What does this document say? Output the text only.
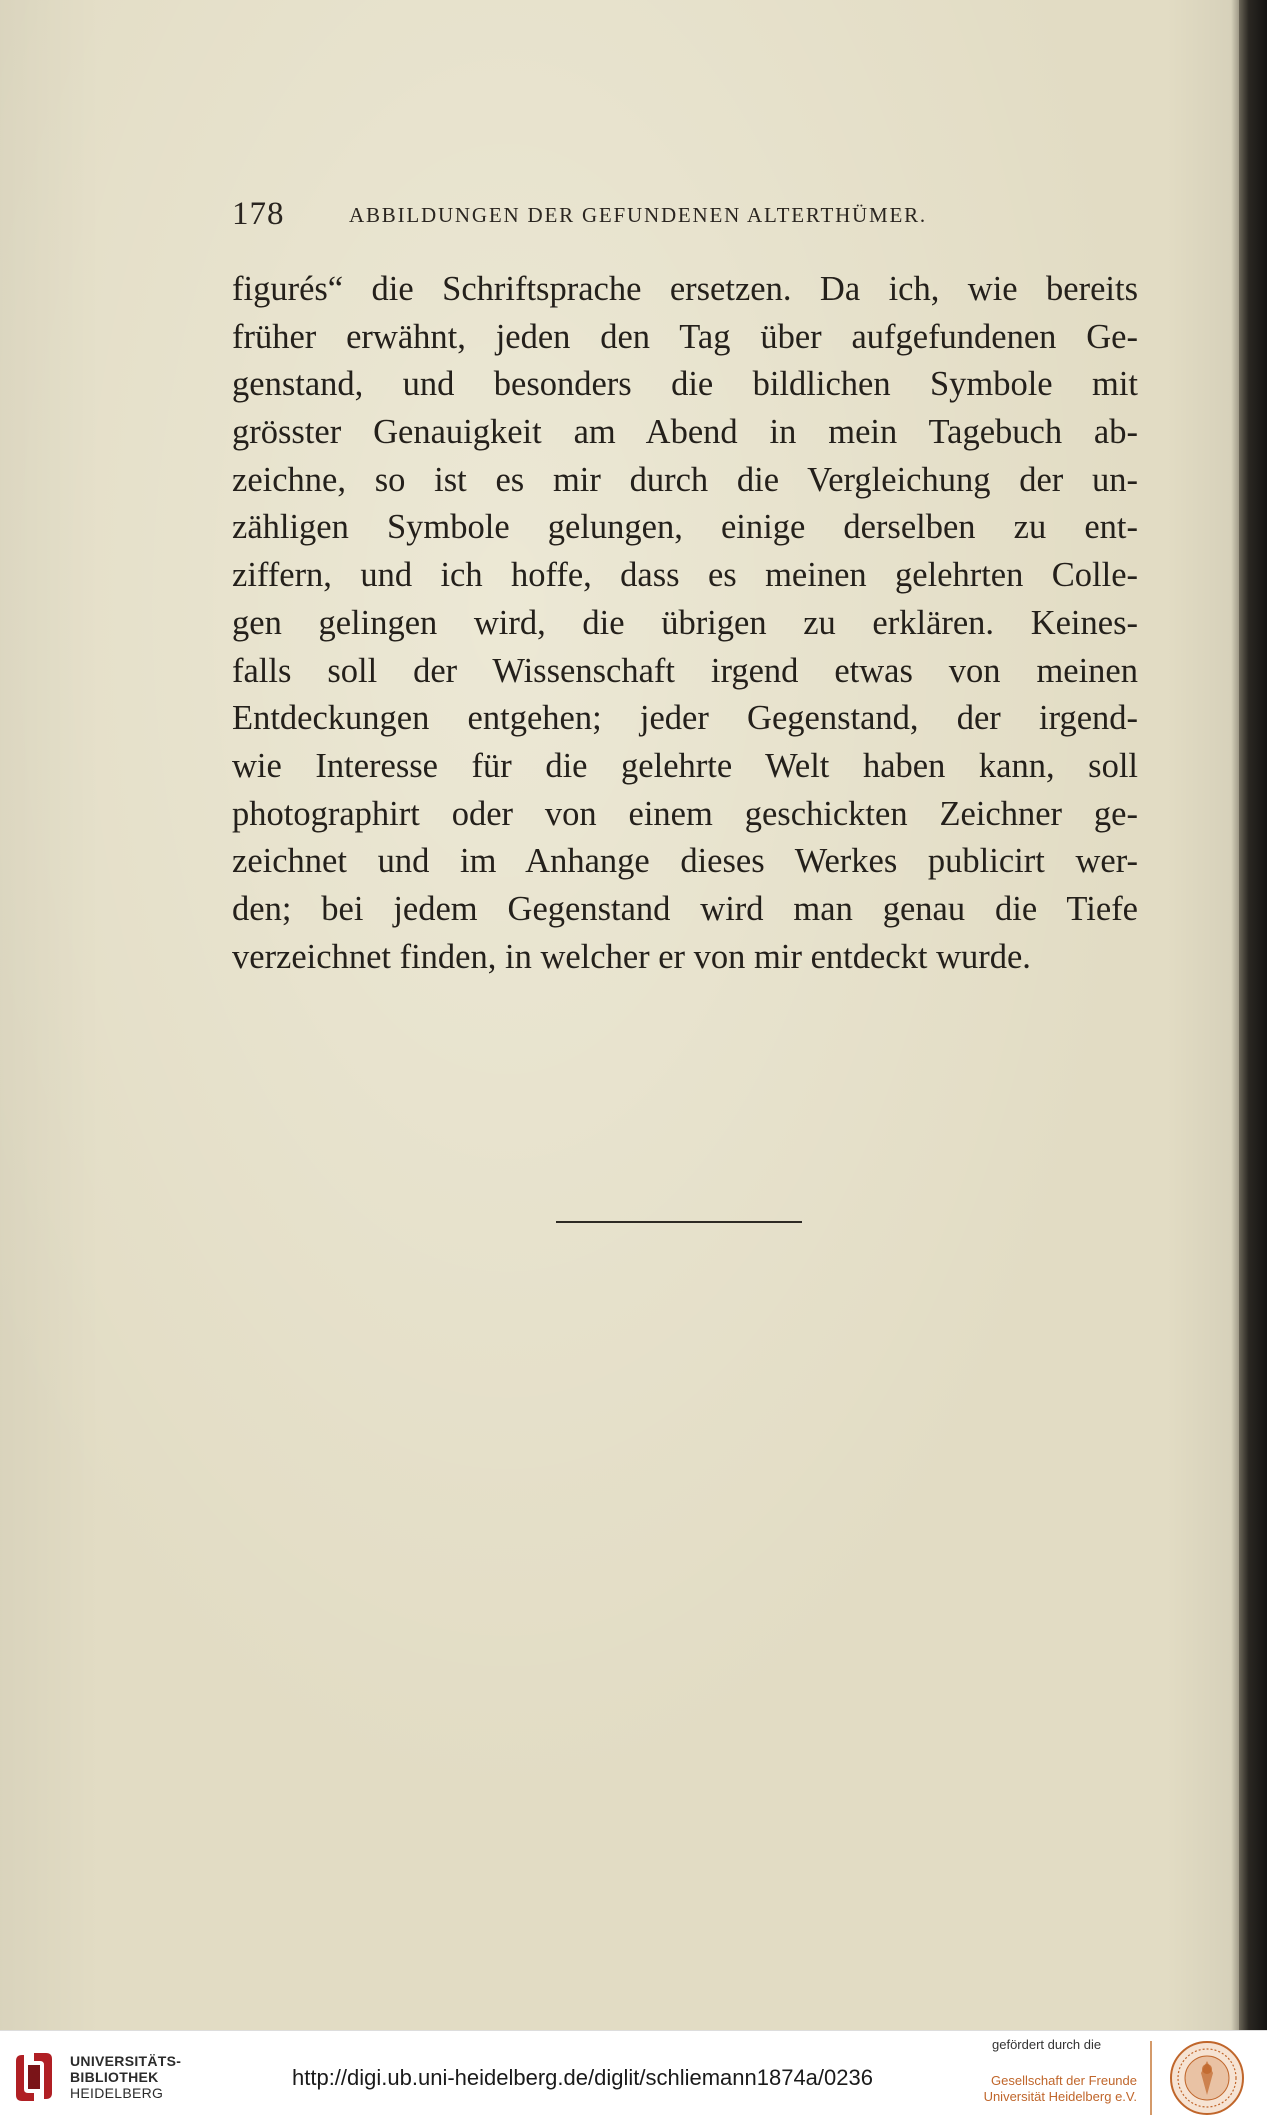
178	ABBILDUNGEN DER GEFUNDENEN ALTERTHÜMER.
figurés“ die Schriftsprache ersetzen. Da ich, wie bereits
früher erwähnt, jeden den Tag über aufgefundenen Ge-
genstand, und besonders die bildlichen Symbole mit
grösster Genauigkeit am Abend in mein Tagebuch ab-
zeichne, so ist es mir durch die Vergleichung der un-
zähligen Symbole gelungen, einige derselben zu ent-
ziffern, und ich hoffe, dass es meinen gelehrten Colle-
gen gelingen wird, die übrigen zu erklären. Keines-
falls soll der Wissenschaft irgend etwas von meinen
Entdeckungen entgehen; jeder Gegenstand, der irgend-
wie Interesse für die gelehrte Welt haben kann, soll
photographirt oder von einem geschickten Zeichner ge-
zeichnet und im Anhange dieses Werkes publicirt wer-
den; bei jedem Gegenstand wird man genau die Tiefe
verzeichnet finden, in welcher er von mir entdeckt wurde.
UNIVERSITÄTS-
BIBLIOTHEK
HEIDELBERG
http://digi.ub.uni-heidelberg.de/diglit/schliemann1874a/0236
gefördert durch die
Gesellschaft der Freunde
Universität Heidelberg e.V.
